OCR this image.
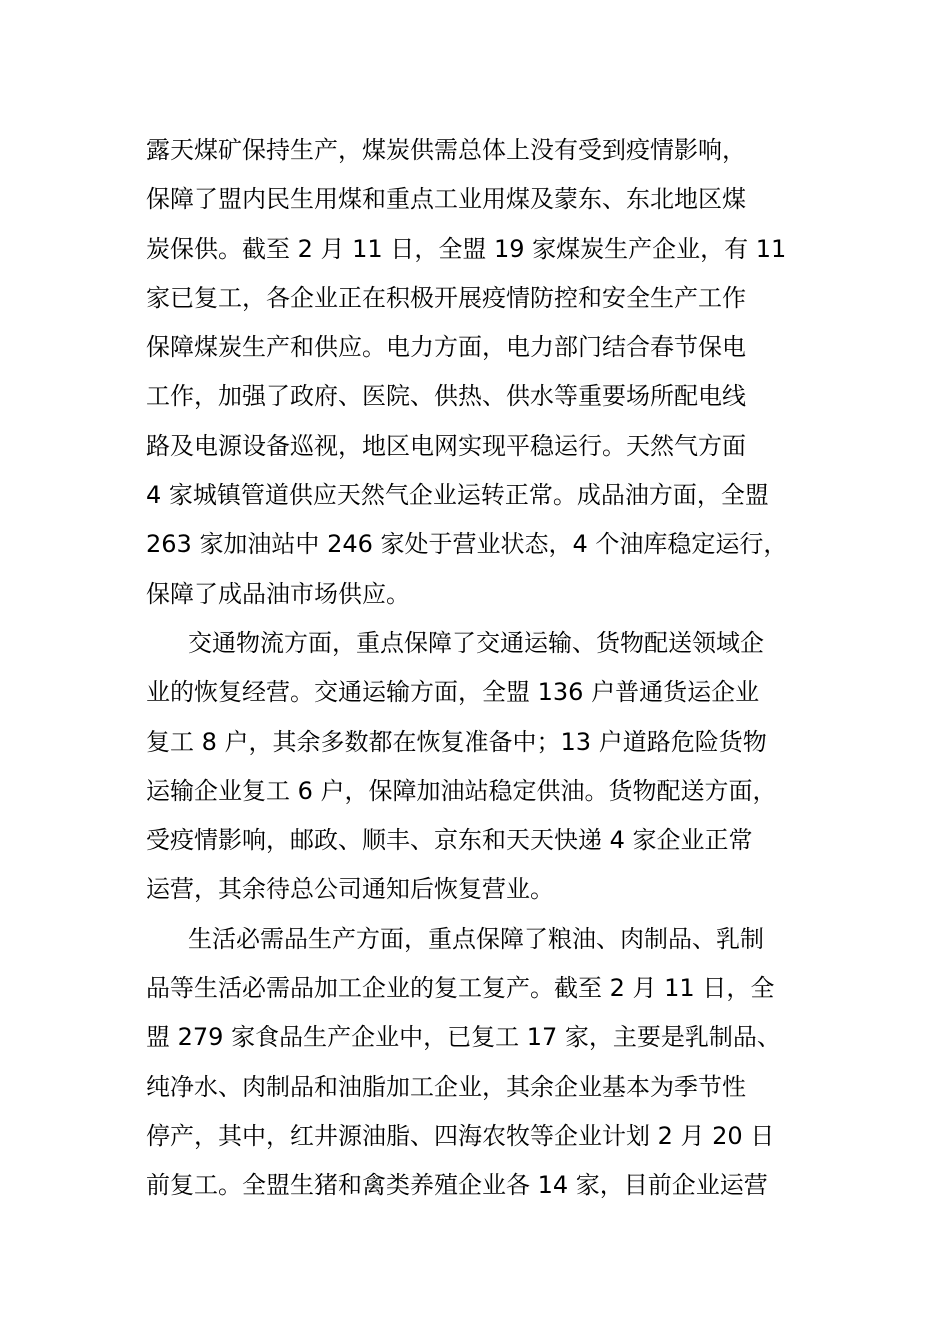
露天煤矿保持生产，煤炭供需总体上没有受到疫情影响，
保障了盟内民生用煤和重点工业用煤及蒙东、东北地区煤
炭保供。截至 2 月 11 日，全盟 19 家煤炭生产企业，有 11
家已复工，各企业正在积极开展疫情防控和安全生产工作
保障煤炭生产和供应。电力方面，电力部门结合春节保电
工作，加强了政府、医院、供热、供水等重要场所配电线
路及电源设备巡视，地区电网实现平稳运行。天然气方面
4 家城镇管道供应天然气企业运转正常。成品油方面，全盟
263 家加油站中 246 家处于营业状态，4 个油库稳定运行，
保障了成品油市场供应。
交通物流方面，重点保障了交通运输、货物配送领域企
业的恢复经营。交通运输方面，全盟 136 户普通货运企业
复工 8 户，其余多数都在恢复准备中；13 户道路危险货物
运输企业复工 6 户，保障加油站稳定供油。货物配送方面，
受疫情影响，邮政、顺丰、京东和天天快递 4 家企业正常
运营，其余待总公司通知后恢复营业。
生活必需品生产方面，重点保障了粮油、肉制品、乳制
品等生活必需品加工企业的复工复产。截至 2 月 11 日，全
盟 279 家食品生产企业中，已复工 17 家，主要是乳制品、
纯净水、肉制品和油脂加工企业，其余企业基本为季节性
停产，其中，红井源油脂、四海农牧等企业计划 2 月 20 日
前复工。全盟生猪和禽类养殖企业各 14 家，目前企业运营
